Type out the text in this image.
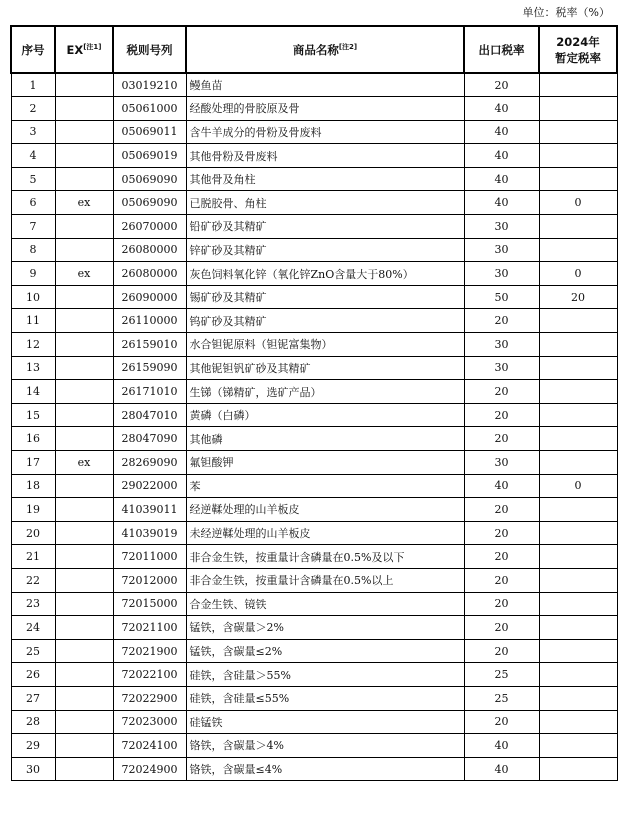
单位：税率（%）
序号	EX[注1]	税则号列	商品名称[注2]	出口税率	2024年
暂定税率
1		03019210	鳗鱼苗	20	
2		05061000	经酸处理的骨胶原及骨	40	
3		05069011	含牛羊成分的骨粉及骨废料	40	
4		05069019	其他骨粉及骨废料	40	
5		05069090	其他骨及角柱	40	
6	ex	05069090	已脱胶骨、角柱	40	0
7		26070000	铅矿砂及其精矿	30	
8		26080000	锌矿砂及其精矿	30	
9	ex	26080000	灰色饲料氧化锌（氧化锌ZnO含量大于80%）	30	0
10		26090000	锡矿砂及其精矿	50	20
11		26110000	钨矿砂及其精矿	20	
12		26159010	水合钽铌原料（钽铌富集物）	30	
13		26159090	其他铌钽钒矿砂及其精矿	30	
14		26171010	生锑（锑精矿，选矿产品）	20	
15		28047010	黄磷（白磷）	20	
16		28047090	其他磷	20	
17	ex	28269090	氟钽酸钾	30	
18		29022000	苯	40	0
19		41039011	经逆鞣处理的山羊板皮	20	
20		41039019	未经逆鞣处理的山羊板皮	20	
21		72011000	非合金生铁，按重量计含磷量在0.5%及以下	20	
22		72012000	非合金生铁，按重量计含磷量在0.5%以上	20	
23		72015000	合金生铁、镜铁	20	
24		72021100	锰铁，含碳量＞2%	20	
25		72021900	锰铁，含碳量≤2%	20	
26		72022100	硅铁，含硅量＞55%	25	
27		72022900	硅铁，含硅量≤55%	25	
28		72023000	硅锰铁	20	
29		72024100	铬铁，含碳量＞4%	40	
30		72024900	铬铁，含碳量≤4%	40	
